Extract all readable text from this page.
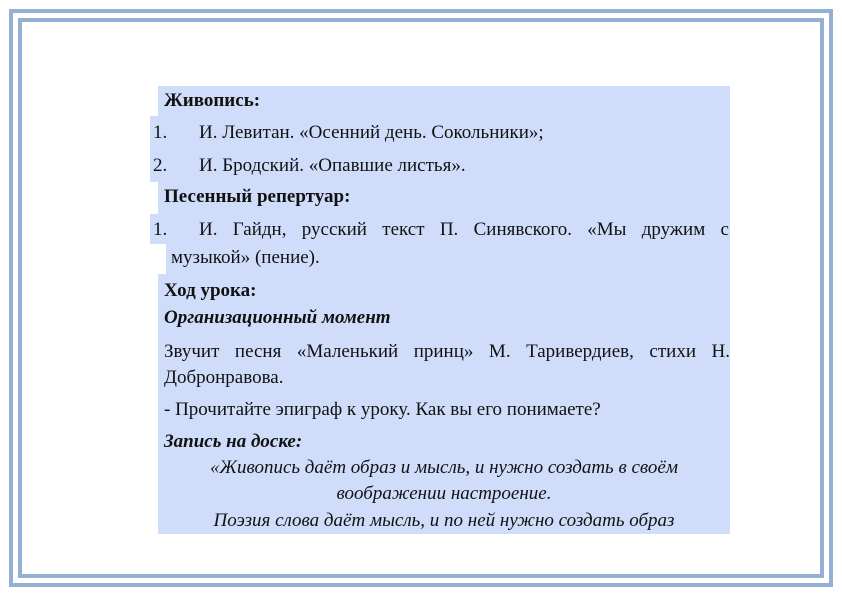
Живопись:
1. И. Левитан. «Осенний день. Сокольники»;
2. И. Бродский. «Опавшие листья».
Песенный репертуар:
1. И. Гайдн, русский текст П. Синявского. «Мы дружим с
музыкой» (пение).
Ход урока:
Организационный момент
Звучит песня «Маленький принц» М. Таривердиев, стихи Н.
Добронравова.
- Прочитайте эпиграф к уроку. Как вы его понимаете?
Запись на доске:
«Живопись даёт образ и мысль, и нужно создать в своём
воображении настроение.
Поэзия слова даёт мысль, и по ней нужно создать образ
